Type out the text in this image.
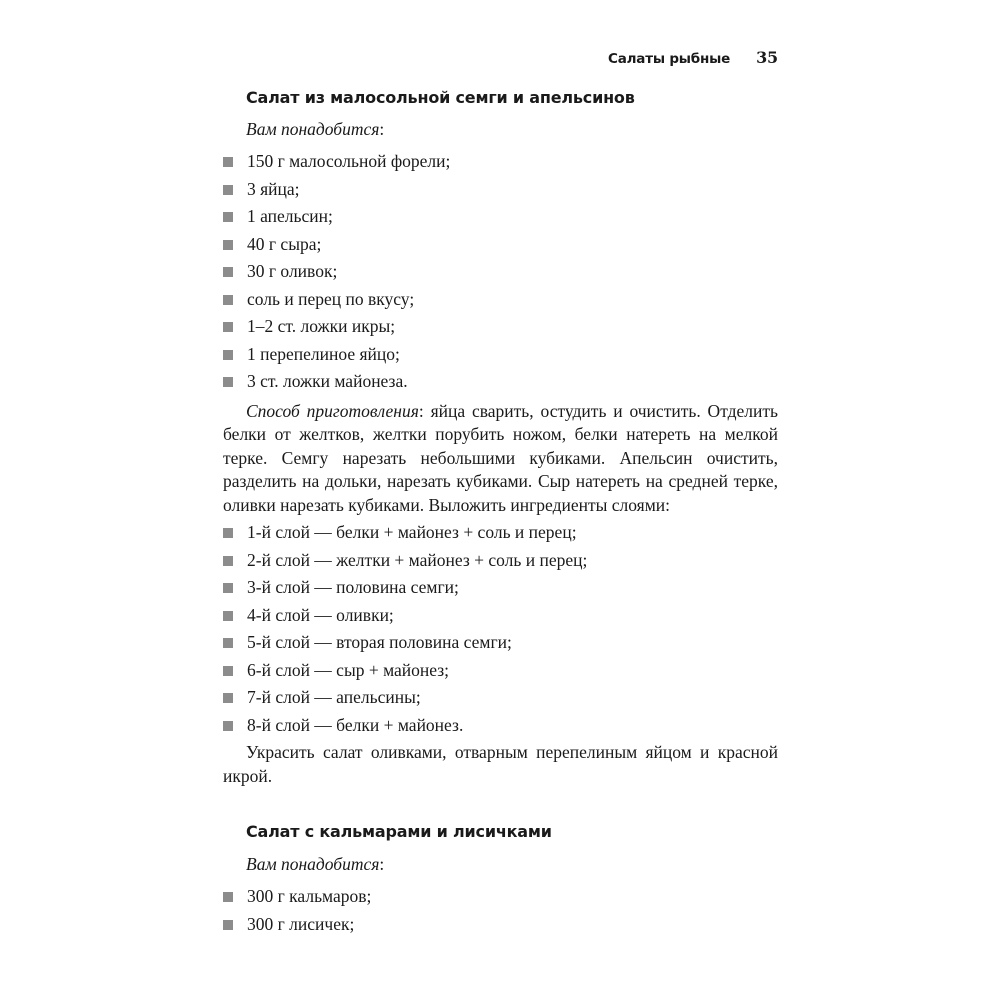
Салаты рыбные 35
Салат из малосольной семги и апельсинов
Вам понадобится:
150 г малосольной форели;
3 яйца;
1 апельсин;
40 г сыра;
30 г оливок;
соль и перец по вкусу;
1–2 ст. ложки икры;
1 перепелиное яйцо;
3 ст. ложки майонеза.
Способ приготовления: яйца сварить, остудить и очистить. Отделить белки от желтков, желтки порубить ножом, белки натереть на мелкой терке. Семгу нарезать небольшими кубиками. Апельсин очистить, разделить на дольки, нарезать кубиками. Сыр натереть на средней терке, оливки нарезать кубиками. Выложить ингредиенты слоями:
1-й слой — белки + майонез + соль и перец;
2-й слой — желтки + майонез + соль и перец;
3-й слой — половина семги;
4-й слой — оливки;
5-й слой — вторая половина семги;
6-й слой — сыр + майонез;
7-й слой — апельсины;
8-й слой — белки + майонез.
Украсить салат оливками, отварным перепелиным яйцом и красной икрой.
Салат с кальмарами и лисичками
Вам понадобится:
300 г кальмаров;
300 г лисичек;
